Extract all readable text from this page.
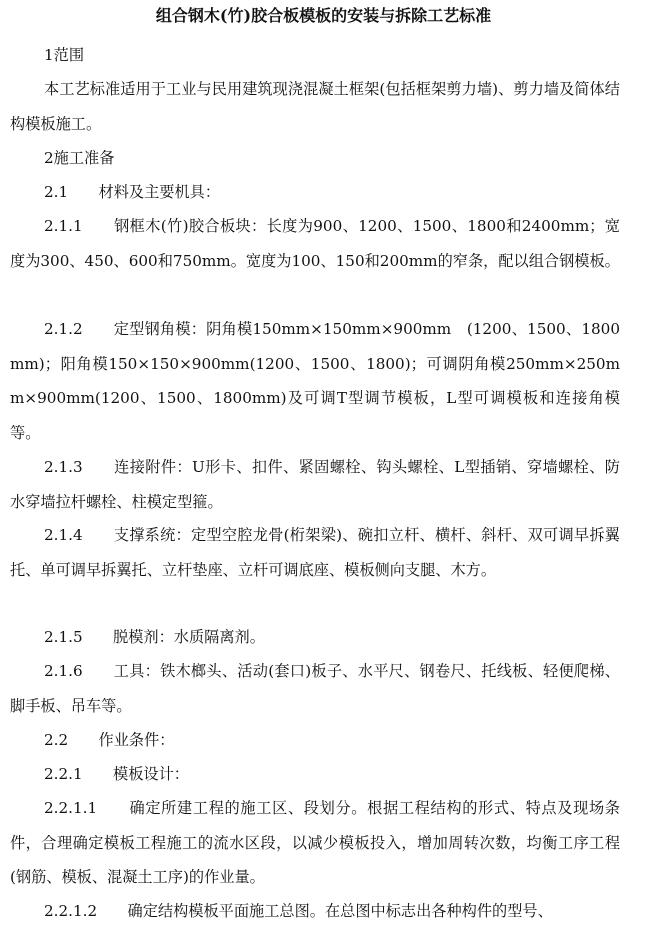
组合钢木(竹)胶合板模板的安装与拆除工艺标准

1范围

本工艺标准适用于工业与民用建筑现浇混凝土框架(包括框架剪力墙)、剪力墙及简体结构模板施工。

2施工准备

2.1　　材料及主要机具：

2.1.1　　钢框木(竹)胶合板块：长度为900、1200、1500、1800和2400mm；宽度为300、450、600和750mm。宽度为100、150和200mm的窄条，配以组合钢模板。

2.1.2　　定型钢角模：阴角模150mm×150mm×900mm　(1200、1500、1800mm)；阳角模150×150×900mm(1200、1500、1800)；可调阴角模250mm×250mm×900mm(1200、1500、1800mm)及可调T型调节模板，L型可调模板和连接角模等。

2.1.3　　连接附件：U形卡、扣件、紧固螺栓、钩头螺栓、L型插销、穿墙螺栓、防水穿墙拉杆螺栓、柱模定型箍。

2.1.4　　支撑系统：定型空腔龙骨(桁架梁)、碗扣立杆、横杆、斜杆、双可调早拆翼托、单可调早拆翼托、立杆垫座、立杆可调底座、模板侧向支腿、木方。

2.1.5　　脱模剂：水质隔离剂。

2.1.6　　工具：铁木榔头、活动(套口)板子、水平尺、钢卷尺、托线板、轻便爬梯、脚手板、吊车等。

2.2　　作业条件：

2.2.1　　模板设计：

2.2.1.1　　确定所建工程的施工区、段划分。根据工程结构的形式、特点及现场条件，合理确定模板工程施工的流水区段，以减少模板投入，增加周转次数，均衡工序工程(钢筋、模板、混凝土工序)的作业量。

2.2.1.2　　确定结构模板平面施工总图。在总图中标志出各种构件的型号、
